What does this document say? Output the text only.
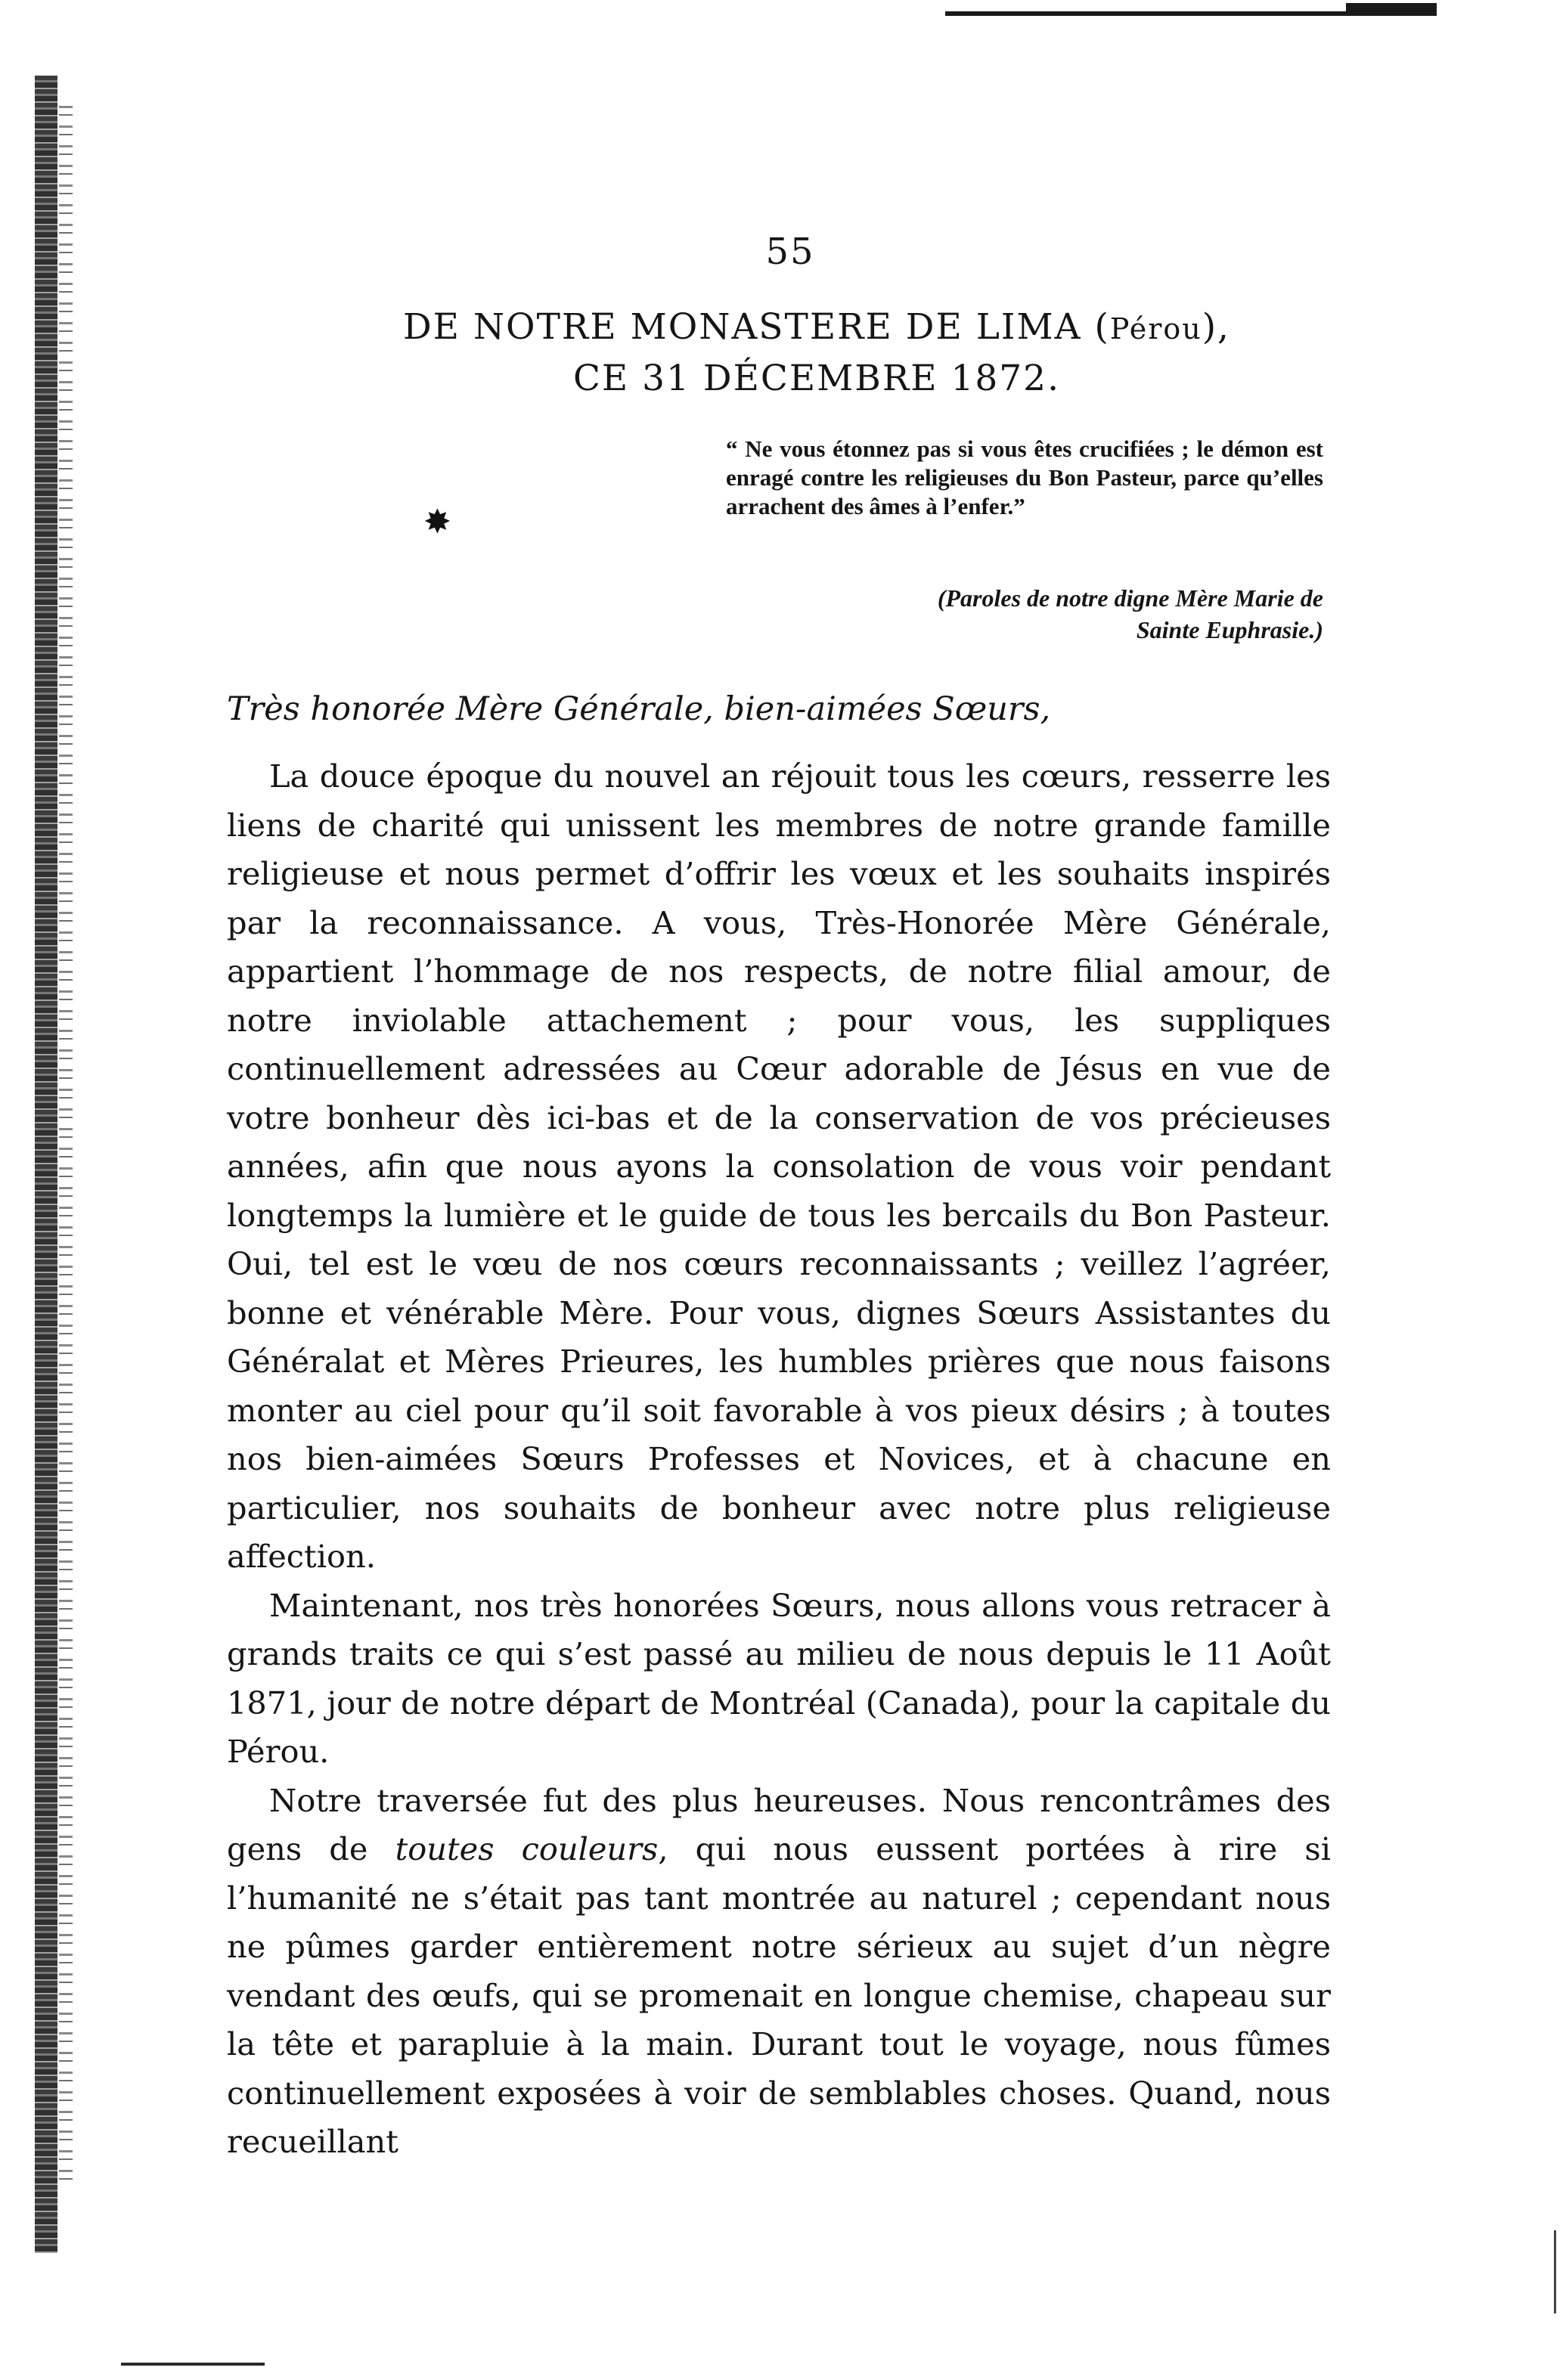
55
DE NOTRE MONASTERE DE LIMA (Pérou),
CE 31 DÉCEMBRE 1872.
✸
“ Ne vous étonnez pas si vous êtes crucifiées ; le démon est enragé contre les religieuses du Bon Pasteur, parce qu’elles arrachent des âmes à l’enfer.”
(Paroles de notre digne Mère Marie de
Sainte Euphrasie.)
Très honorée Mère Générale, bien-aimées Sœurs,

La douce époque du nouvel an réjouit tous les cœurs, resserre les liens de charité qui unissent les membres de notre grande famille religieuse et nous permet d’offrir les vœux et les souhaits inspirés par la reconnaissance. A vous, Très-Honorée Mère Générale, appartient l’hommage de nos respects, de notre filial amour, de notre inviolable attachement ; pour vous, les suppliques continuellement adressées au Cœur adorable de Jésus en vue de votre bonheur dès ici-bas et de la conservation de vos précieuses années, afin que nous ayons la consolation de vous voir pendant longtemps la lumière et le guide de tous les bercails du Bon Pasteur. Oui, tel est le vœu de nos cœurs reconnaissants ; veillez l’agréer, bonne et vénérable Mère. Pour vous, dignes Sœurs Assistantes du Généralat et Mères Prieures, les humbles prières que nous faisons monter au ciel pour qu’il soit favorable à vos pieux désirs ; à toutes nos bien-aimées Sœurs Professes et Novices, et à chacune en particulier, nos souhaits de bonheur avec notre plus religieuse affection.

Maintenant, nos très honorées Sœurs, nous allons vous retracer à grands traits ce qui s’est passé au milieu de nous depuis le 11 Août 1871, jour de notre départ de Montréal (Canada), pour la capitale du Pérou.

Notre traversée fut des plus heureuses. Nous rencontrâmes des gens de toutes couleurs, qui nous eussent portées à rire si l’humanité ne s’était pas tant montrée au naturel ; cependant nous ne pûmes garder entièrement notre sérieux au sujet d’un nègre vendant des œufs, qui se promenait en longue chemise, chapeau sur la tête et parapluie à la main. Durant tout le voyage, nous fûmes continuellement exposées à voir de semblables choses. Quand, nous recueillant
